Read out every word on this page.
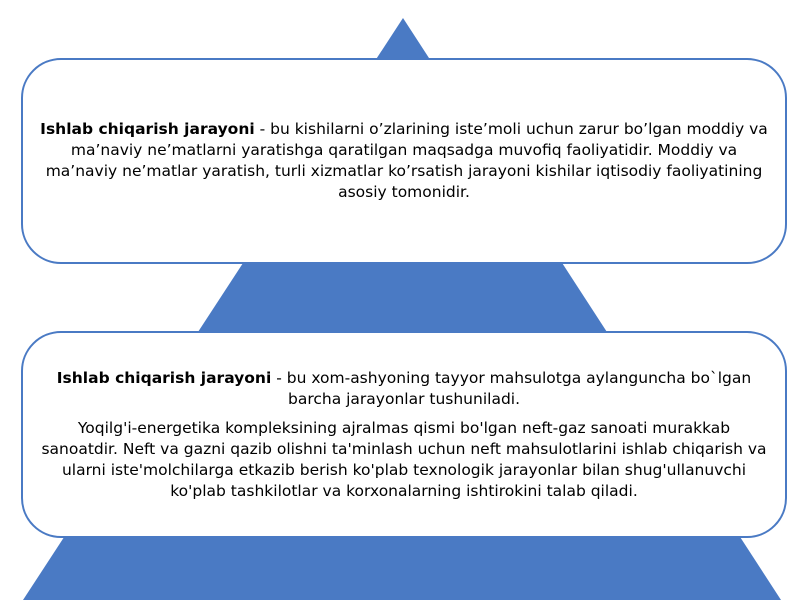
Ishlab chiqarish jarayoni - bu kishilarni o’zlarining iste’moli uchun zarur bo’lgan moddiy va ma’naviy ne’matlarni yaratishga qaratilgan maqsadga muvofiq faoliyatidir. Moddiy va ma’naviy ne’matlar yaratish, turli xizmatlar ko’rsatish jarayoni kishilar iqtisodiy faoliyatining asosiy tomonidir.

Ishlab chiqarish jarayoni - bu xom-ashyoning tayyor mahsulotga aylanguncha bo`lgan barcha jarayonlar tushuniladi.

Yoqilg'i-energetika kompleksining ajralmas qismi bo'lgan neft-gaz sanoati murakkab sanoatdir. Neft va gazni qazib olishni ta'minlash uchun neft mahsulotlarini ishlab chiqarish va ularni iste'molchilarga etkazib berish ko'plab texnologik jarayonlar bilan shug'ullanuvchi ko'plab tashkilotlar va korxonalarning ishtirokini talab qiladi.
